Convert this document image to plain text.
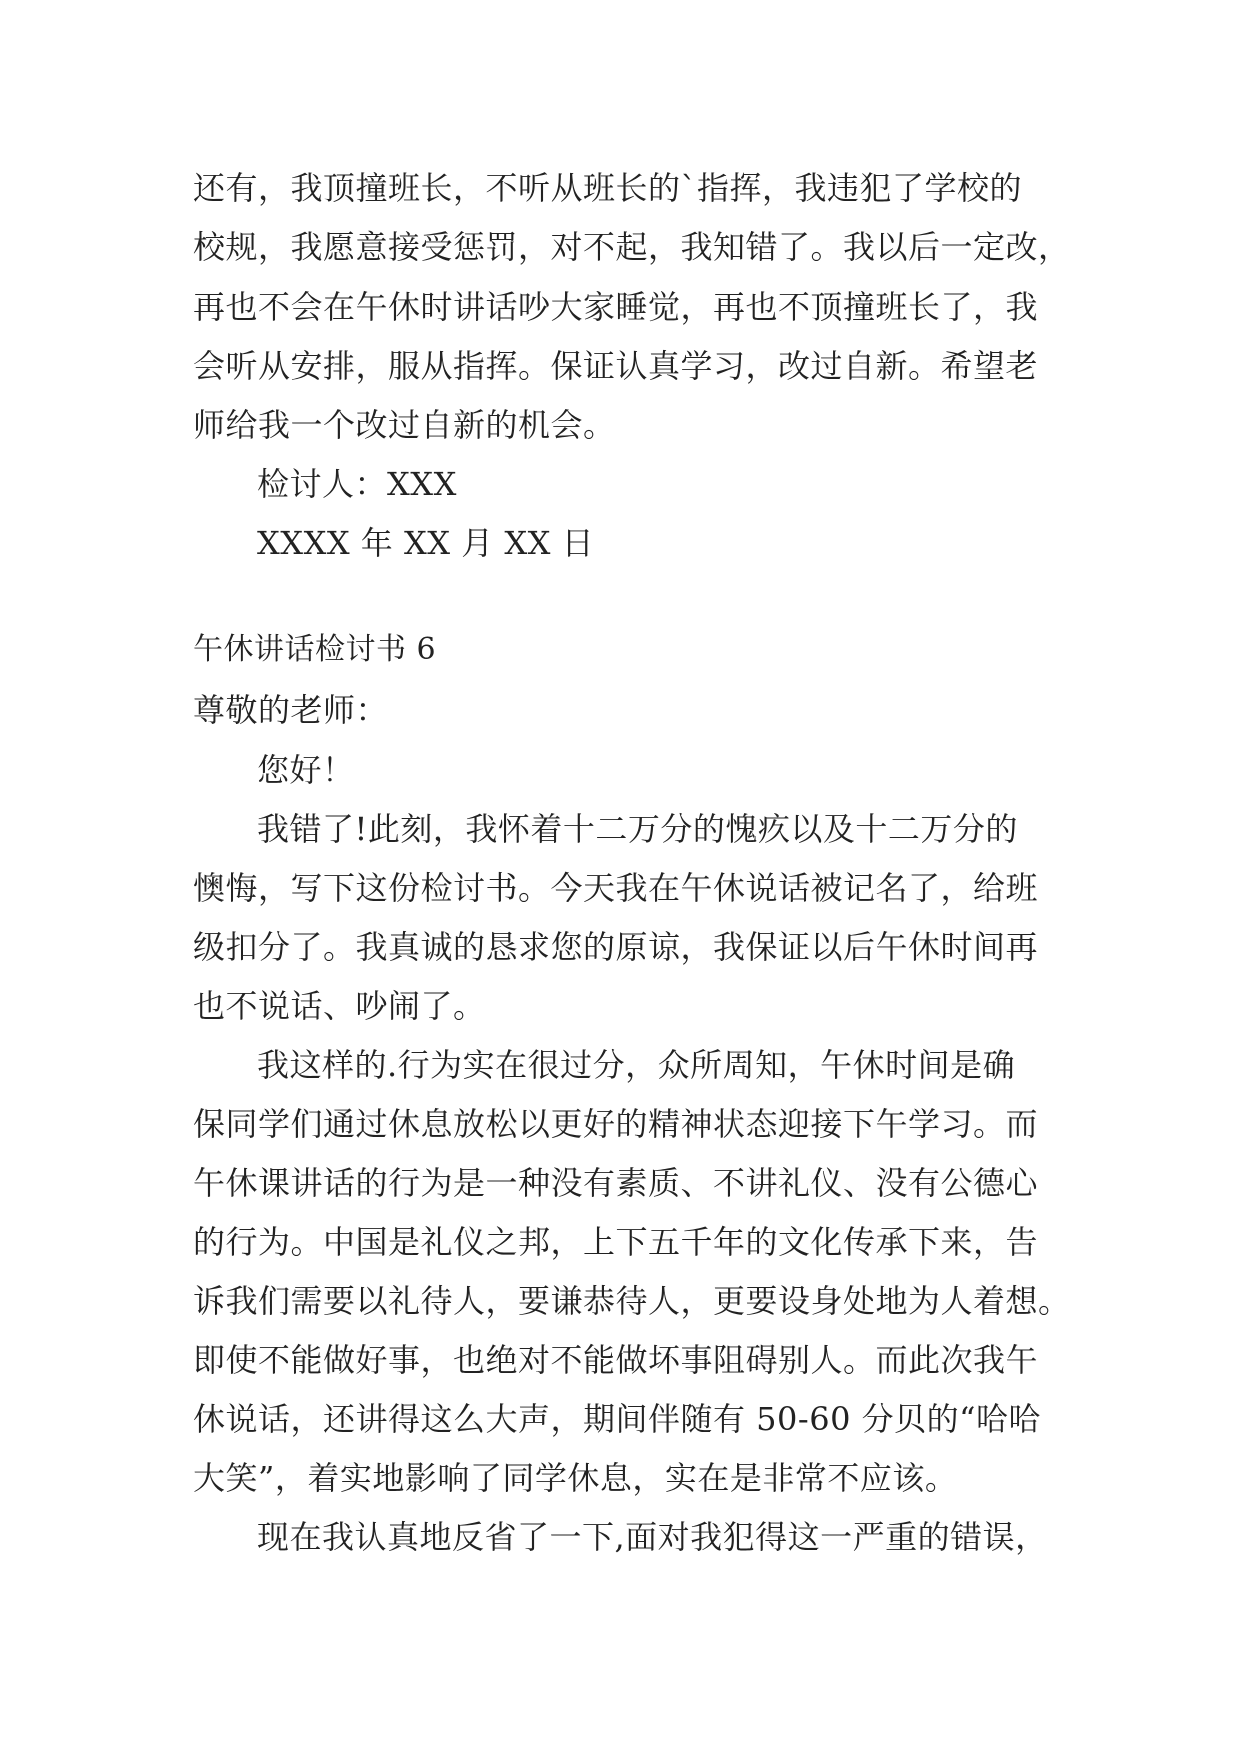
还有，我顶撞班长，不听从班长的`指挥，我违犯了学校的
校规，我愿意接受惩罚，对不起，我知错了。我以后一定改，
再也不会在午休时讲话吵大家睡觉，再也不顶撞班长了，我
会听从安排，服从指挥。保证认真学习，改过自新。希望老
师给我一个改过自新的机会。
检讨人：XXX
XXXX 年 XX 月 XX 日
午休讲话检讨书 6
尊敬的老师：
您好！
我错了!此刻，我怀着十二万分的愧疚以及十二万分的
懊悔，写下这份检讨书。今天我在午休说话被记名了，给班
级扣分了。我真诚的恳求您的原谅，我保证以后午休时间再
也不说话、吵闹了。
我这样的.行为实在很过分，众所周知，午休时间是确
保同学们通过休息放松以更好的精神状态迎接下午学习。而
午休课讲话的行为是一种没有素质、不讲礼仪、没有公德心
的行为。中国是礼仪之邦，上下五千年的文化传承下来，告
诉我们需要以礼待人，要谦恭待人，更要设身处地为人着想。
即使不能做好事，也绝对不能做坏事阻碍别人。而此次我午
休说话，还讲得这么大声，期间伴随有 50-60 分贝的“哈哈
大笑”，着实地影响了同学休息，实在是非常不应该。
现在我认真地反省了一下,面对我犯得这一严重的错误，
